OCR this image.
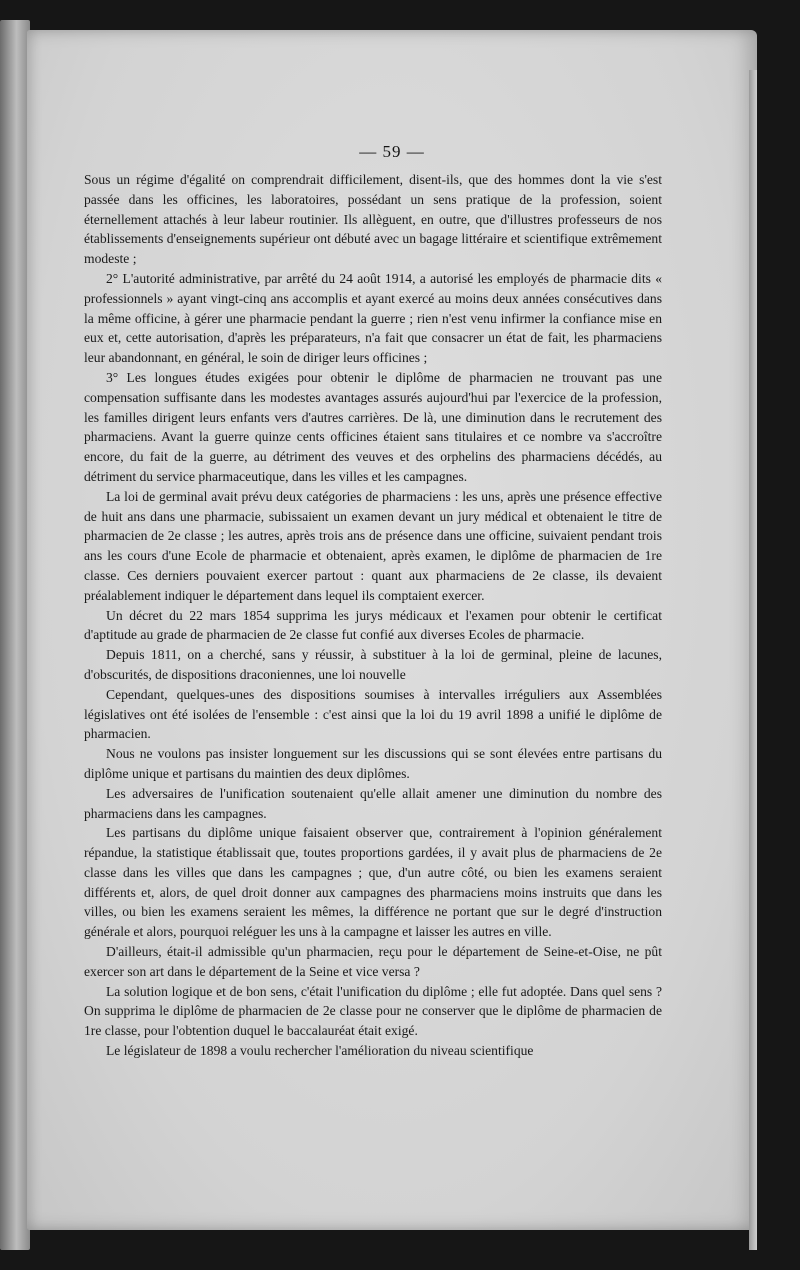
— 59 —

Sous un régime d'égalité on comprendrait difficilement, disent-ils, que des hommes dont la vie s'est passée dans les officines, les laboratoires, possédant un sens pratique de la profession, soient éternellement attachés à leur labeur routinier. Ils allèguent, en outre, que d'illustres professeurs de nos établissements d'enseignements supérieur ont débuté avec un bagage littéraire et scientifique extrêmement modeste ;

2° L'autorité administrative, par arrêté du 24 août 1914, a autorisé les employés de pharmacie dits « professionnels » ayant vingt-cinq ans accomplis et ayant exercé au moins deux années consécutives dans la même officine, à gérer une pharmacie pendant la guerre ; rien n'est venu infirmer la confiance mise en eux et, cette autorisation, d'après les préparateurs, n'a fait que consacrer un état de fait, les pharmaciens leur abandonnant, en général, le soin de diriger leurs officines ;

3° Les longues études exigées pour obtenir le diplôme de pharmacien ne trouvant pas une compensation suffisante dans les modestes avantages assurés aujourd'hui par l'exercice de la profession, les familles dirigent leurs enfants vers d'autres carrières. De là, une diminution dans le recrutement des pharmaciens. Avant la guerre quinze cents officines étaient sans titulaires et ce nombre va s'accroître encore, du fait de la guerre, au détriment des veuves et des orphelins des pharmaciens décédés, au détriment du service pharmaceutique, dans les villes et les campagnes.

La loi de germinal avait prévu deux catégories de pharmaciens : les uns, après une présence effective de huit ans dans une pharmacie, subissaient un examen devant un jury médical et obtenaient le titre de pharmacien de 2e classe ; les autres, après trois ans de présence dans une officine, suivaient pendant trois ans les cours d'une Ecole de pharmacie et obtenaient, après examen, le diplôme de pharmacien de 1re classe. Ces derniers pouvaient exercer partout : quant aux pharmaciens de 2e classe, ils devaient préalablement indiquer le département dans lequel ils comptaient exercer.

Un décret du 22 mars 1854 supprima les jurys médicaux et l'examen pour obtenir le certificat d'aptitude au grade de pharmacien de 2e classe fut confié aux diverses Ecoles de pharmacie.

Depuis 1811, on a cherché, sans y réussir, à substituer à la loi de germinal, pleine de lacunes, d'obscurités, de dispositions draconiennes, une loi nouvelle

Cependant, quelques-unes des dispositions soumises à intervalles irréguliers aux Assemblées législatives ont été isolées de l'ensemble : c'est ainsi que la loi du 19 avril 1898 a unifié le diplôme de pharmacien.

Nous ne voulons pas insister longuement sur les discussions qui se sont élevées entre partisans du diplôme unique et partisans du maintien des deux diplômes.

Les adversaires de l'unification soutenaient qu'elle allait amener une diminution du nombre des pharmaciens dans les campagnes.

Les partisans du diplôme unique faisaient observer que, contrairement à l'opinion généralement répandue, la statistique établissait que, toutes proportions gardées, il y avait plus de pharmaciens de 2e classe dans les villes que dans les campagnes ; que, d'un autre côté, ou bien les examens seraient différents et, alors, de quel droit donner aux campagnes des pharmaciens moins instruits que dans les villes, ou bien les examens seraient les mêmes, la différence ne portant que sur le degré d'instruction générale et alors, pourquoi reléguer les uns à la campagne et laisser les autres en ville.

D'ailleurs, était-il admissible qu'un pharmacien, reçu pour le département de Seine-et-Oise, ne pût exercer son art dans le département de la Seine et vice versa ?

La solution logique et de bon sens, c'était l'unification du diplôme ; elle fut adoptée. Dans quel sens ? On supprima le diplôme de pharmacien de 2e classe pour ne conserver que le diplôme de pharmacien de 1re classe, pour l'obtention duquel le baccalauréat était exigé.

Le législateur de 1898 a voulu rechercher l'amélioration du niveau scientifique
